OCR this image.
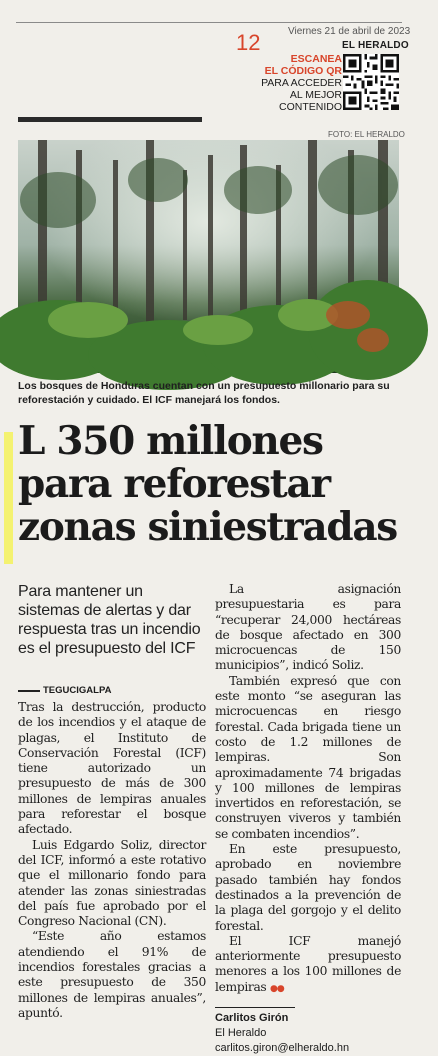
12	Viernes 21 de abril de 2023
EL HERALDO
ESCANEA
EL CÓDIGO QR
PARA ACCEDER
AL MEJOR
CONTENIDO
FOTO: EL HERALDO
Los bosques de Honduras cuentan con un presupuesto millonario para su reforestación y cuidado. El ICF manejará los fondos.
L 350 millones
para reforestar
zonas siniestradas
Para mantener un sistemas de alertas y dar respuesta tras un incendio es el presupuesto del ICF
TEGUCIGALPA

Tras la destrucción, producto de los incendios y el ataque de plagas, el Instituto de Conservación Forestal (ICF) tiene autorizado un presupuesto de más de 300 millones de lempiras anuales para reforestar el bosque afectado.

Luis Edgardo Soliz, director del ICF, informó a este rotativo que el millonario fondo para atender las zonas siniestradas del país fue aprobado por el Congreso Nacional (CN).

“Este año estamos atendiendo el 91% de incendios forestales gracias a este presupuesto de 350 millones de lempiras anuales”, apuntó.

La asignación presupuestaria es para “recuperar 24,000 hectáreas de bosque afectado en 300 microcuencas de 150 municipios”, indicó Soliz.

También expresó que con este monto “se aseguran las microcuencas en riesgo forestal. Cada brigada tiene un costo de 1.2 millones de lempiras. Son aproximadamente 74 brigadas y 100 millones de lempiras invertidos en reforestación, se construyen viveros y también se combaten incendios”.

En este presupuesto, aprobado en noviembre pasado también hay fondos destinados a la prevención de la plaga del gorgojo y el delito forestal.

El ICF manejó anteriormente presupuesto menores a los 100 millones de lempiras ●●

Carlitos Girón
El Heraldo
carlitos.giron@elheraldo.hn
